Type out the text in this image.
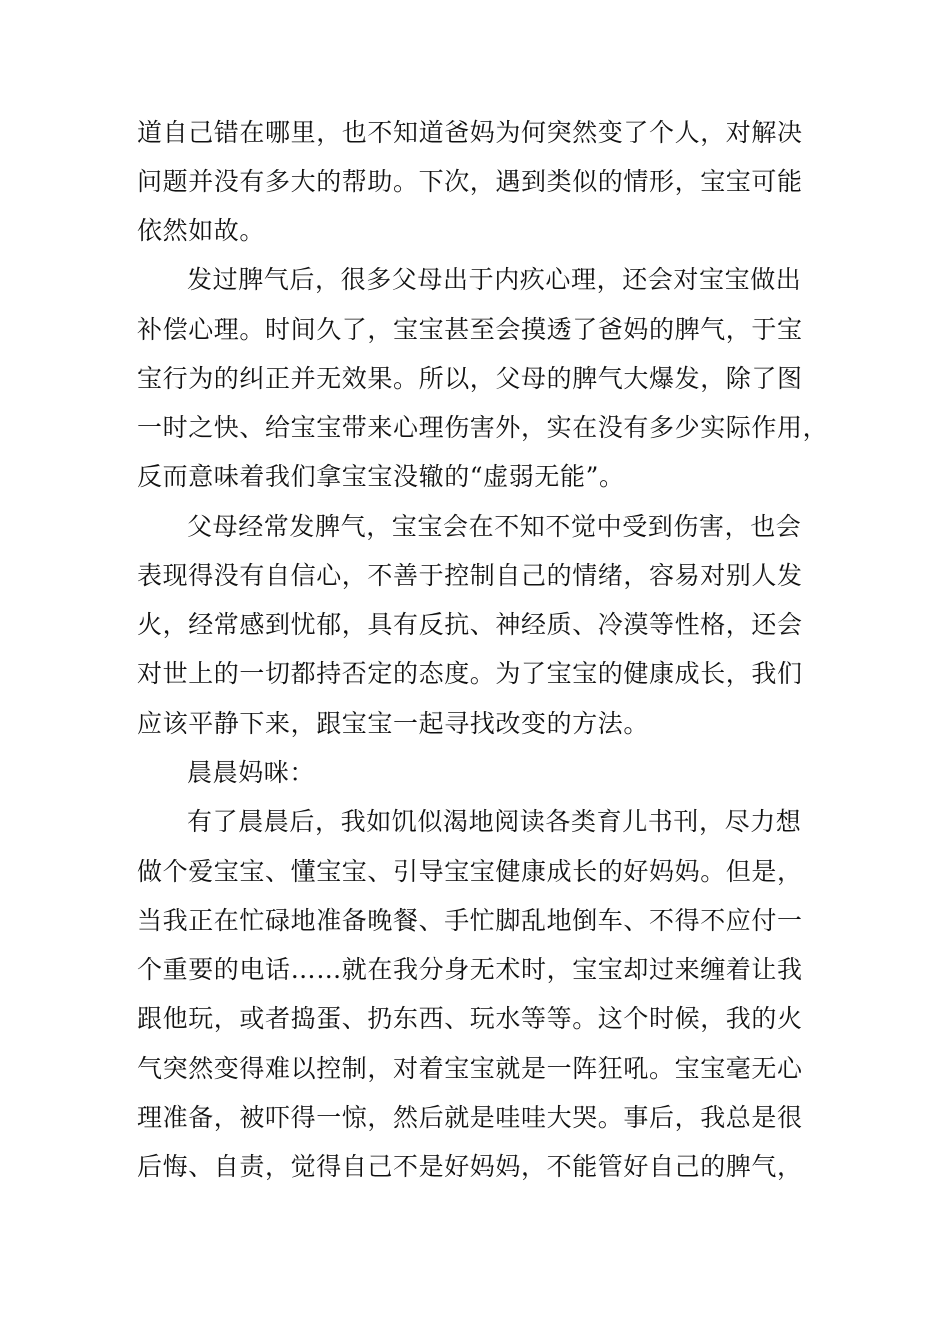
道自己错在哪里，也不知道爸妈为何突然变了个人，对解决
问题并没有多大的帮助。下次，遇到类似的情形，宝宝可能
依然如故。
发过脾气后，很多父母出于内疚心理，还会对宝宝做出
补偿心理。时间久了，宝宝甚至会摸透了爸妈的脾气，于宝
宝行为的纠正并无效果。所以，父母的脾气大爆发，除了图
一时之快、给宝宝带来心理伤害外，实在没有多少实际作用，
反而意味着我们拿宝宝没辙的“虚弱无能”。
父母经常发脾气，宝宝会在不知不觉中受到伤害，也会
表现得没有自信心，不善于控制自己的情绪，容易对别人发
火，经常感到忧郁，具有反抗、神经质、冷漠等性格，还会
对世上的一切都持否定的态度。为了宝宝的健康成长，我们
应该平静下来，跟宝宝一起寻找改变的方法。
晨晨妈咪：
有了晨晨后，我如饥似渴地阅读各类育儿书刊，尽力想
做个爱宝宝、懂宝宝、引导宝宝健康成长的好妈妈。但是，
当我正在忙碌地准备晚餐、手忙脚乱地倒车、不得不应付一
个重要的电话……就在我分身无术时，宝宝却过来缠着让我
跟他玩，或者捣蛋、扔东西、玩水等等。这个时候，我的火
气突然变得难以控制，对着宝宝就是一阵狂吼。宝宝毫无心
理准备，被吓得一惊，然后就是哇哇大哭。事后，我总是很
后悔、自责，觉得自己不是好妈妈，不能管好自己的脾气，
